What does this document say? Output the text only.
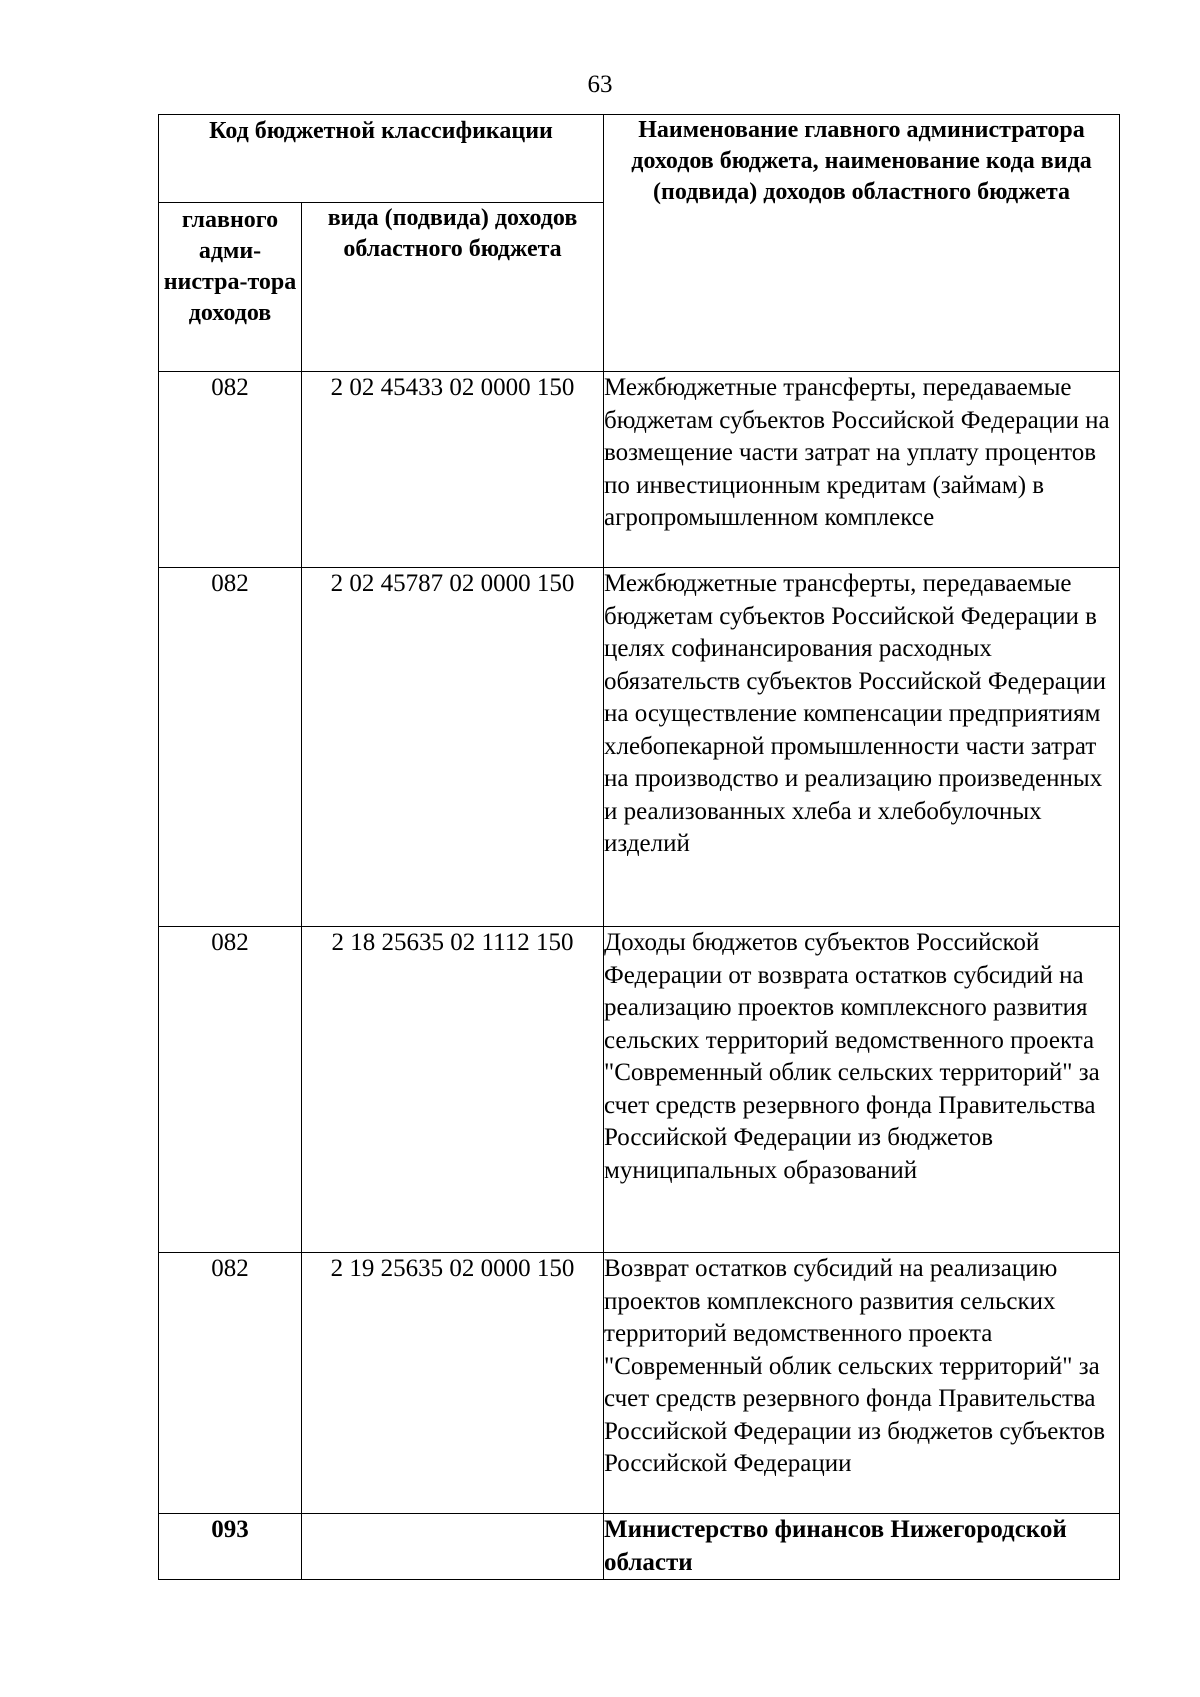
63
Код бюджетной классификации		Наименование главного администратора доходов бюджета, наименование кода вида (подвида) доходов областного бюджета
главного адми-нистра-тора доходов	вида (подвида) доходов областного бюджета	
082	2 02 45433 02 0000 150	Межбюджетные трансферты, передаваемые бюджетам субъектов Российской Федерации на возмещение части затрат на уплату процентов по инвестиционным кредитам (займам) в агропромышленном комплексе
082	2 02 45787 02 0000 150	Межбюджетные трансферты, передаваемые бюджетам субъектов Российской Федерации в целях софинансирования расходных обязательств субъектов Российской Федерации на осуществление компенсации предприятиям хлебопекарной промышленности части затрат на производство и реализацию произведенных и реализованных хлеба и хлебобулочных изделий
082	2 18 25635 02 1112 150	Доходы бюджетов субъектов Российской Федерации от возврата остатков субсидий на реализацию проектов комплексного развития сельских территорий ведомственного проекта "Современный облик сельских территорий" за счет средств резервного фонда Правительства Российской Федерации из бюджетов муниципальных образований
082	2 19 25635 02 0000 150	Возврат остатков субсидий на реализацию проектов комплексного развития сельских территорий ведомственного проекта "Современный облик сельских территорий" за счет средств резервного фонда Правительства Российской Федерации из бюджетов субъектов Российской Федерации
093		Министерство финансов Нижегородской области
